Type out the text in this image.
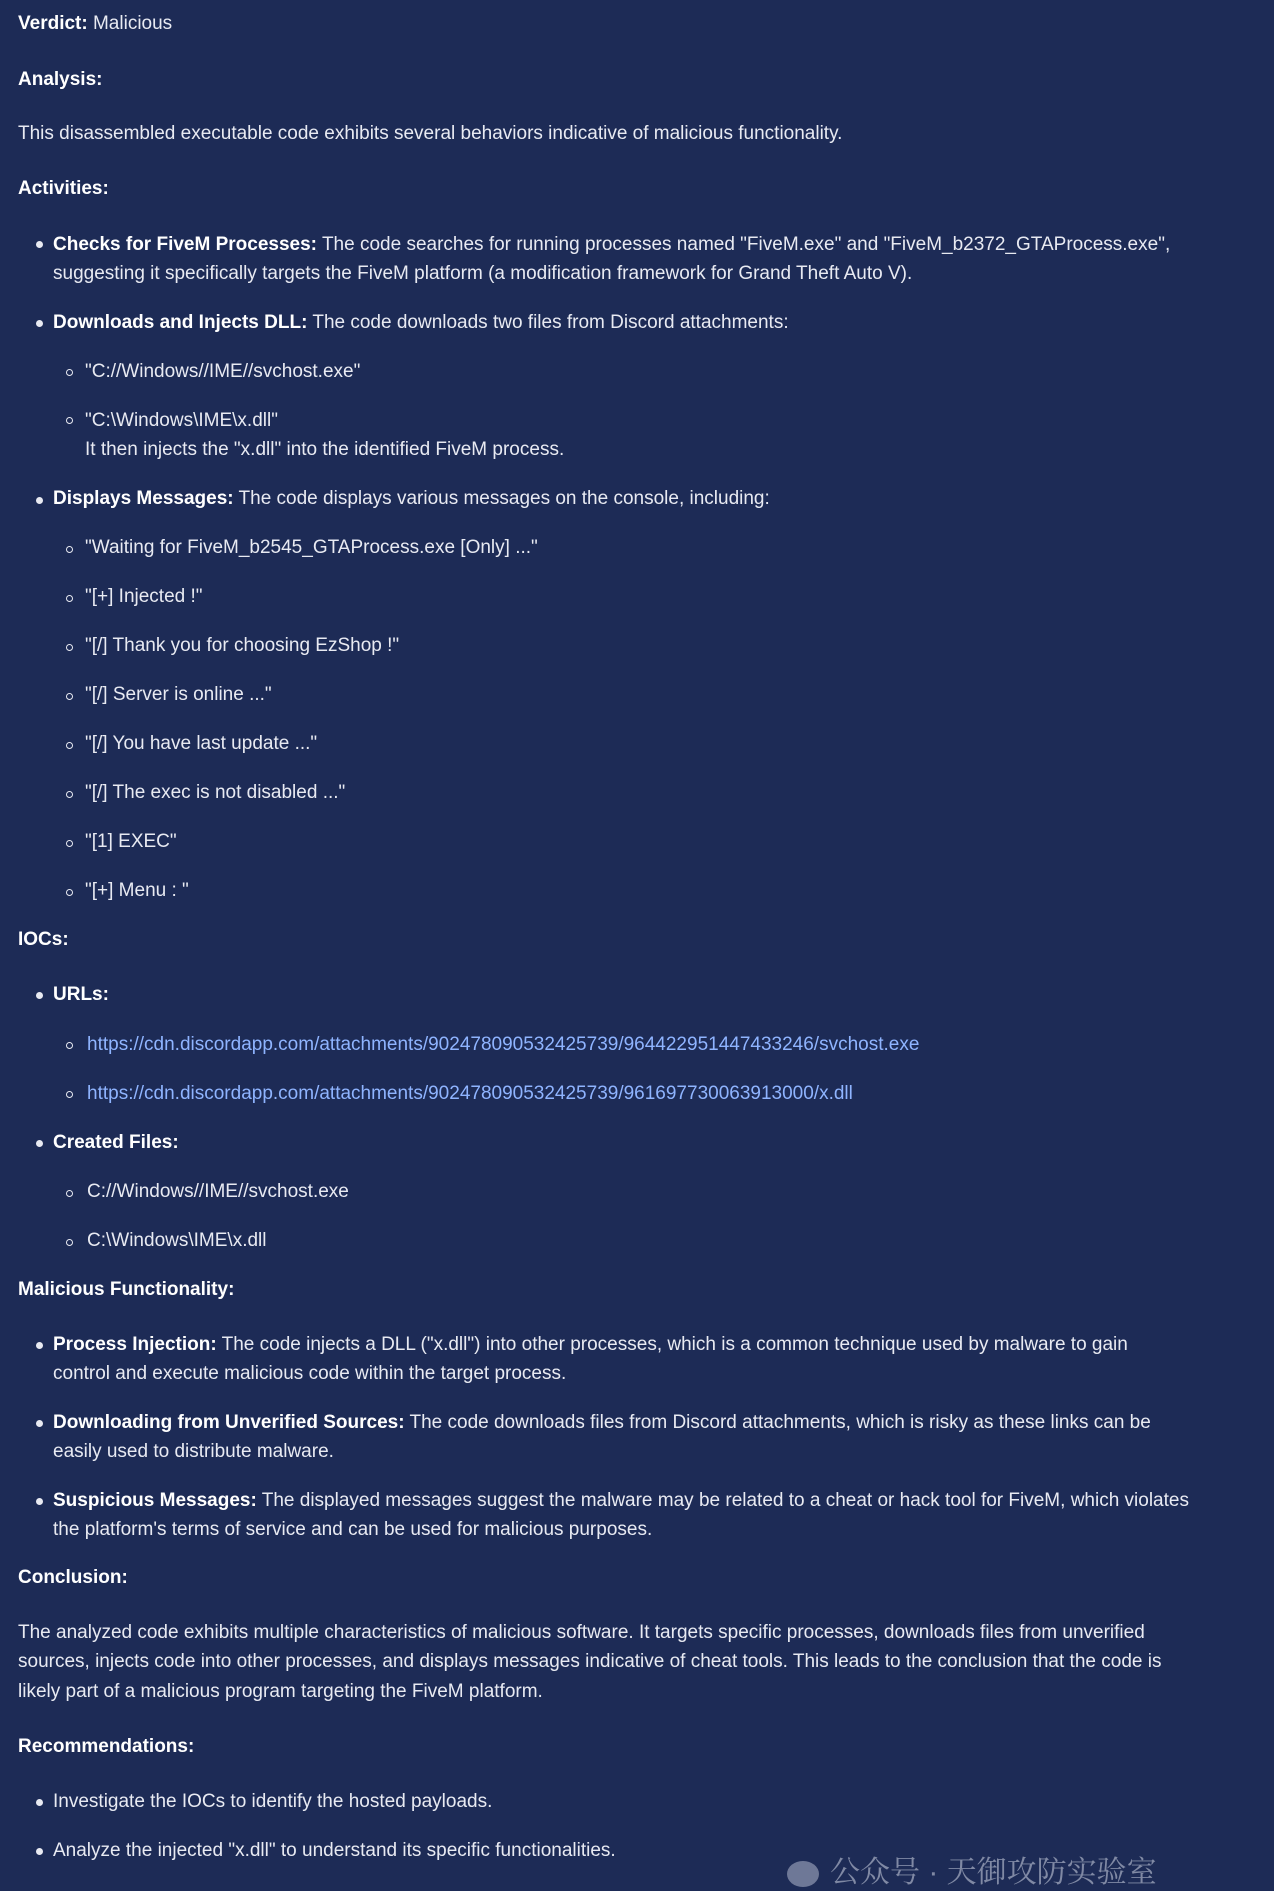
Verdict: Malicious
Analysis:
This disassembled executable code exhibits several behaviors indicative of malicious functionality.
Activities:
Checks for FiveM Processes: The code searches for running processes named "FiveM.exe" and "FiveM_b2372_GTAProcess.exe",
suggesting it specifically targets the FiveM platform (a modification framework for Grand Theft Auto V).
Downloads and Injects DLL: The code downloads two files from Discord attachments:
"C://Windows//IME//svchost.exe"
"C:\Windows\IME\x.dll"
It then injects the "x.dll" into the identified FiveM process.
Displays Messages: The code displays various messages on the console, including:
"Waiting for FiveM_b2545_GTAProcess.exe [Only] ..."
"[+] Injected !"
"[/] Thank you for choosing EzShop !"
"[/] Server is online ..."
"[/] You have last update ..."
"[/] The exec is not disabled ..."
"[1] EXEC"
"[+] Menu : "
IOCs:
URLs:
https://cdn.discordapp.com/attachments/902478090532425739/964422951447433246/svchost.exe
https://cdn.discordapp.com/attachments/902478090532425739/961697730063913000/x.dll
Created Files:
C://Windows//IME//svchost.exe
C:\Windows\IME\x.dll
Malicious Functionality:
Process Injection: The code injects a DLL ("x.dll") into other processes, which is a common technique used by malware to gain
control and execute malicious code within the target process.
Downloading from Unverified Sources: The code downloads files from Discord attachments, which is risky as these links can be
easily used to distribute malware.
Suspicious Messages: The displayed messages suggest the malware may be related to a cheat or hack tool for FiveM, which violates
the platform's terms of service and can be used for malicious purposes.
Conclusion:
The analyzed code exhibits multiple characteristics of malicious software. It targets specific processes, downloads files from unverified
sources, injects code into other processes, and displays messages indicative of cheat tools. This leads to the conclusion that the code is
likely part of a malicious program targeting the FiveM platform.
Recommendations:
Investigate the IOCs to identify the hosted payloads.
Analyze the injected "x.dll" to understand its specific functionalities.
公众号 · 天御攻防实验室
